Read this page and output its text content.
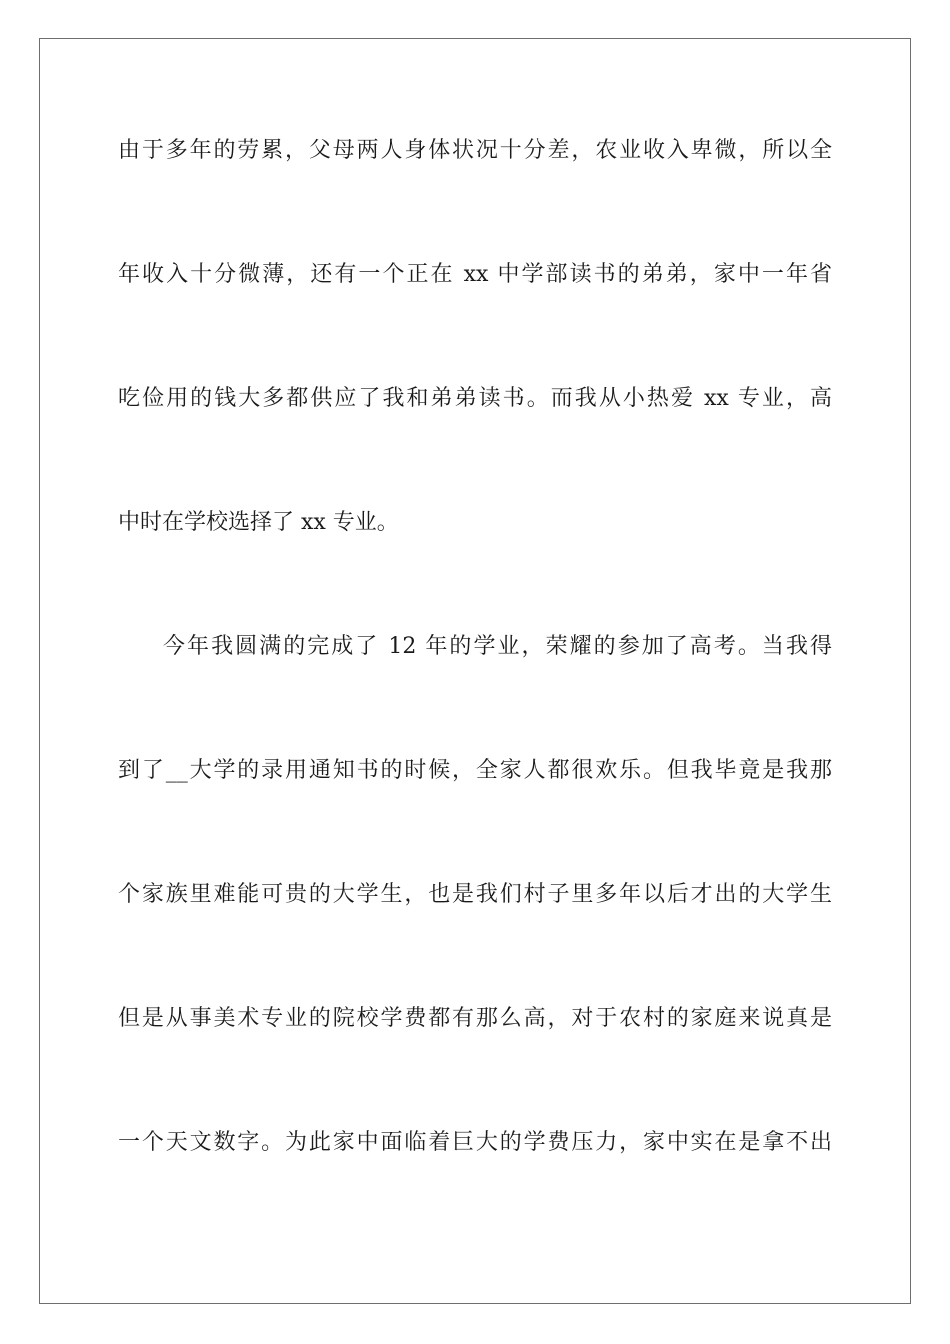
由于多年的劳累，父母两人身体状况十分差，农业收入卑微，所以全
年收入十分微薄，还有一个正在 xx 中学部读书的弟弟，家中一年省
吃俭用的钱大多都供应了我和弟弟读书。而我从小热爱 xx 专业，高
中时在学校选择了 xx 专业。
今年我圆满的完成了 12 年的学业，荣耀的参加了高考。当我得
到了__大学的录用通知书的时候，全家人都很欢乐。但我毕竟是我那
个家族里难能可贵的大学生，也是我们村子里多年以后才出的大学生
但是从事美术专业的院校学费都有那么高，对于农村的家庭来说真是
一个天文数字。为此家中面临着巨大的学费压力，家中实在是拿不出
